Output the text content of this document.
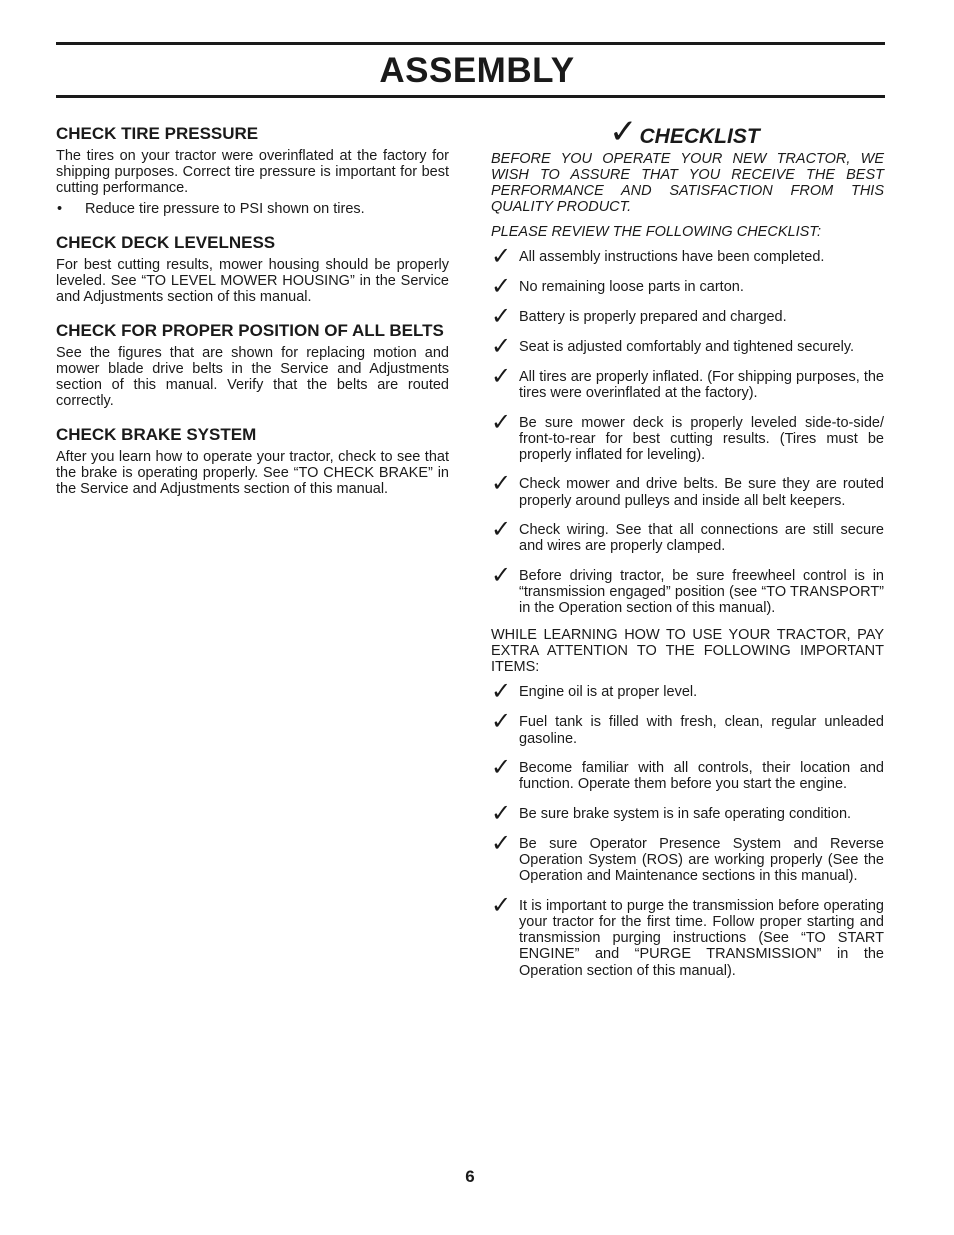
ASSEMBLY
CHECK TIRE PRESSURE

The tires on your tractor were overinflated at the factory for shipping purposes. Correct tire pressure is important for best cutting performance.

•	Reduce tire pressure to PSI shown on tires.
CHECK DECK LEVELNESS

For best cutting results, mower housing should be properly leveled. See “TO LEVEL MOWER HOUSING” in the Service and Adjustments section of this manual.

CHECK FOR PROPER POSITION OF ALL BELTS

See the figures that are shown for replacing motion and mower blade drive belts in the Service and Adjustments section of this manual. Verify that the belts are routed correctly.

CHECK BRAKE SYSTEM

After you learn how to operate your tractor, check to see that the brake is operating properly. See “TO CHECK BRAKE” in the Service and Adjustments section of this manual.

✓ CHECKLIST

BEFORE YOU OPERATE YOUR NEW TRACTOR, WE WISH TO ASSURE THAT YOU RECEIVE THE BEST PERFORMANCE AND SATISFACTION FROM THIS QUALITY PRODUCT.

PLEASE REVIEW THE FOLLOWING CHECKLIST:

✓ All assembly instructions have been completed.
✓ No remaining loose parts in carton.
✓ Battery is properly prepared and charged.
✓ Seat is adjusted comfortably and tightened securely.
✓ All tires are properly inflated. (For shipping purposes, the tires were overinflated at the factory).
✓ Be sure mower deck is properly leveled side-to-side/ front-to-rear for best cutting results. (Tires must be properly inflated for leveling).
✓ Check mower and drive belts. Be sure they are routed properly around pulleys and inside all belt keepers.
✓ Check wiring. See that all connections are still secure and wires are properly clamped.
✓ Before driving tractor, be sure freewheel control is in “transmission engaged” position (see “TO TRANSPORT” in the Operation section of this manual).

WHILE LEARNING HOW TO USE YOUR TRACTOR, PAY EXTRA ATTENTION TO THE FOLLOWING IMPORTANT ITEMS:

✓ Engine oil is at proper level.
✓ Fuel tank is filled with fresh, clean, regular unleaded gasoline.
✓ Become familiar with all controls, their location and function. Operate them before you start the engine.
✓ Be sure brake system is in safe operating condition.
✓ Be sure Operator Presence System and Reverse Operation System (ROS) are working properly (See the Operation and Maintenance sections in this manual).
✓ It is important to purge the transmission before operating your tractor for the first time. Follow proper starting and transmission purging instructions (See “TO START ENGINE” and “PURGE TRANSMISSION” in the Operation section of this manual).
6
